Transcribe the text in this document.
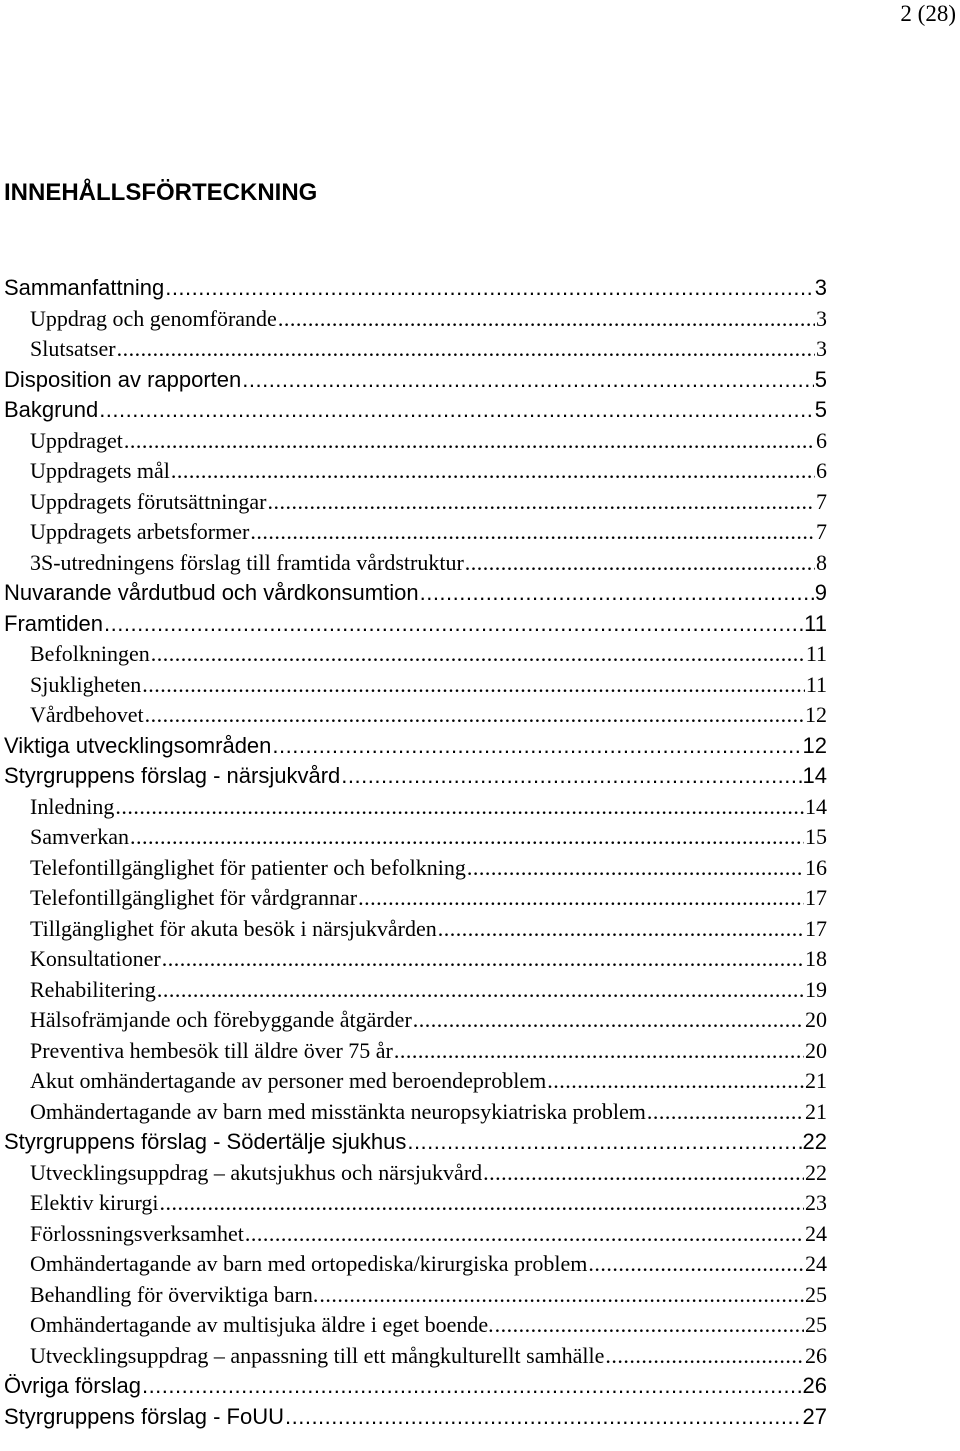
2 (28)
INNEHÅLLSFÖRTECKNING
Sammanfattning .....	3
Uppdrag och genomförande .....	3
Slutsatser .....	3
Disposition av rapporten .....	5
Bakgrund .....	5
Uppdraget .....	6
Uppdragets mål .....	6
Uppdragets förutsättningar .....	7
Uppdragets arbetsformer .....	7
3S-utredningens förslag till framtida vårdstruktur .....	8
Nuvarande vårdutbud och vårdkonsumtion .....	9
Framtiden .....	11
Befolkningen .....	11
Sjukligheten .....	11
Vårdbehovet .....	12
Viktiga utvecklingsområden .....	12
Styrgruppens förslag - närsjukvård .....	14
Inledning .....	14
Samverkan .....	15
Telefontillgänglighet för patienter och befolkning .....	16
Telefontillgänglighet för vårdgrannar .....	17
Tillgänglighet för akuta besök i närsjukvården .....	17
Konsultationer .....	18
Rehabilitering .....	19
Hälsofrämjande och förebyggande åtgärder .....	20
Preventiva hembesök till äldre över 75 år .....	20
Akut omhändertagande av personer med beroendeproblem .....	21
Omhändertagande av barn med misstänkta neuropsykiatriska problem .....	21
Styrgruppens förslag - Södertälje sjukhus .....	22
Utvecklingsuppdrag – akutsjukhus och närsjukvård .....	22
Elektiv kirurgi .....	23
Förlossningsverksamhet .....	24
Omhändertagande av barn med ortopediska/kirurgiska problem .....	24
Behandling för överviktiga barn. .....	25
Omhändertagande av multisjuka äldre i eget boende. .....	25
Utvecklingsuppdrag – anpassning till ett mångkulturellt samhälle .....	26
Övriga förslag .....	26
Styrgruppens förslag - FoUU .....	27
